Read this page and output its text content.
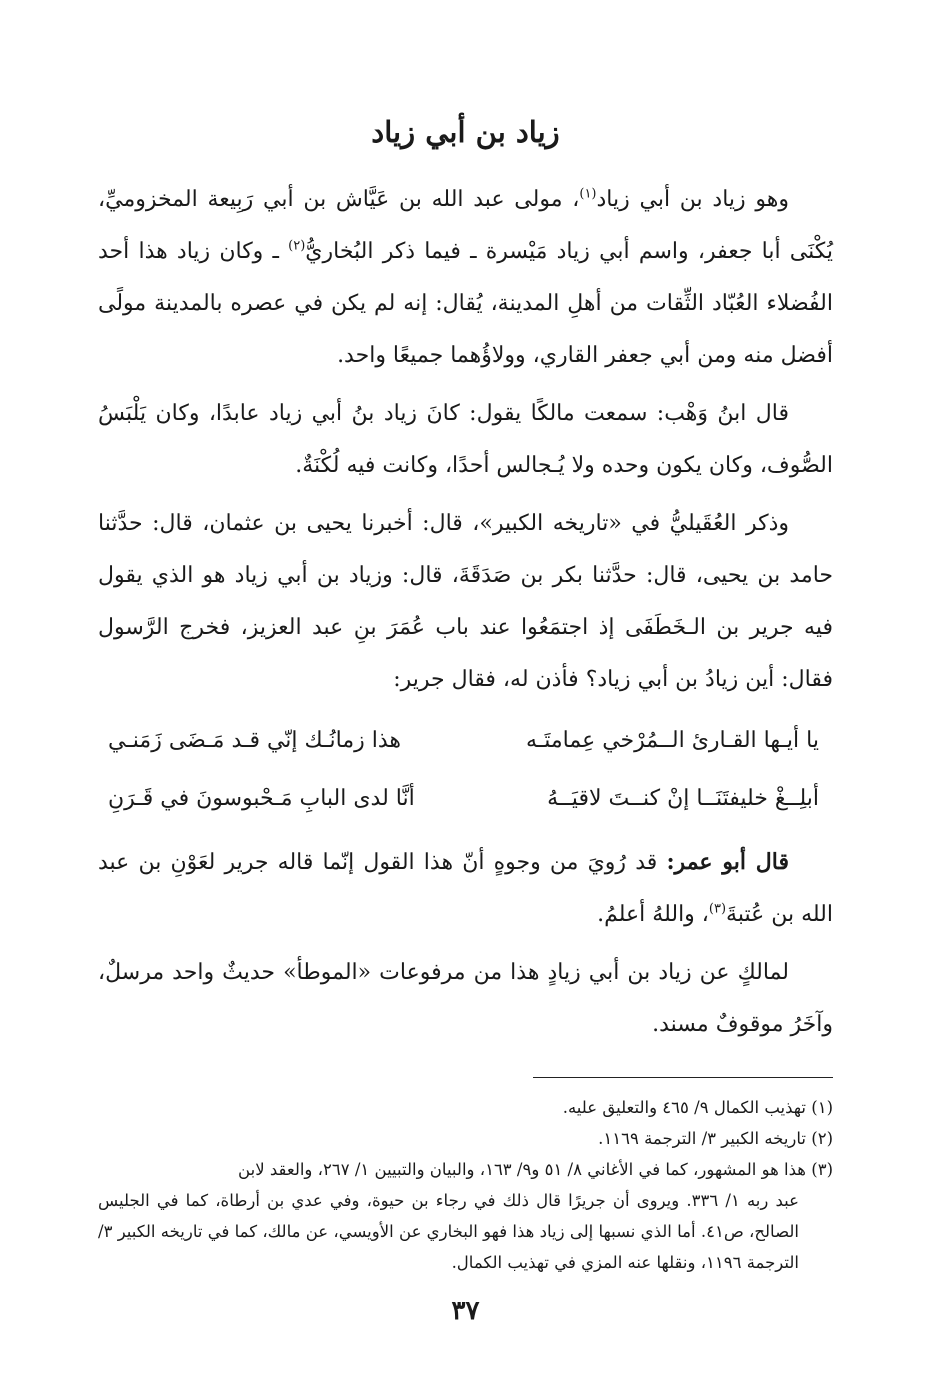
زياد بن أبي زياد

وهو زياد بن أبي زياد$^{(١)}$، مولى عبد الله بن عَيَّاش بن أبي رَبِيعة المخزوميِّ، يُكْنَى أبا جعفر، واسم أبي زياد مَيْسرة ـ فيما ذكر البُخاريُّ$^{(٢)}$ ـ وكان زياد هذا أحد الفُضلاء العُبّاد الثِّقات من أهلِ المدينة، يُقال: إنه لم يكن في عصره بالمدينة مولًى أفضل منه ومن أبي جعفر القاري، وولاؤُهما جميعًا واحد.

قال ابنُ وَهْب: سمعت مالكًا يقول: كانَ زياد بنُ أبي زياد عابدًا، وكان يَلْبَسُ الصُّوف، وكان يكون وحده ولا يُـجالس أحدًا، وكانت فيه لُكْنَةٌ.

وذكر العُقَيليُّ في «تاريخه الكبير»، قال: أخبرنا يحيى بن عثمان، قال: حدَّثنا حامد بن يحيى، قال: حدَّثنا بكر بن صَدَقَةَ، قال: وزياد بن أبي زياد هو الذي يقول فيه جرير بن الـخَطَفَى إذ اجتمَعُوا عند باب عُمَرَ بنِ عبد العزيز، فخرج الرَّسول فقال: أين زيادُ بن أبي زياد؟ فأذن له، فقال جرير:

يا أيـها القـارئ الــمُرْخي عِمامتَـه
هذا زمانُـك إنّي قـد مَـضَى زَمَنـي
أبلِــغْ خليفتَنَــا إنْ كنــتَ لاقيَــهُ
أنَّا لدى البابِ مَـحْبوسونَ في قَـرَنِ

قال أبو عمر: قد رُويَ من وجوهٍ أنّ هذا القول إنّما قاله جرير لعَوْنِ بن عبد الله بن عُتبةَ$^{(٣)}$، واللهُ أعلمُ.

لمالكٍ عن زياد بن أبي زيادٍ هذا من مرفوعات «الموطأ» حديثٌ واحد مرسلٌ، وآخَرُ موقوفٌ مسند.

(١) تهذيب الكمال ٩/ ٤٦٥ والتعليق عليه.

(٢) تاريخه الكبير ٣/ الترجمة ١١٦٩.

(٣) هذا هو المشهور، كما في الأغاني ٨/ ٥١ و٩/ ١٦٣، والبيان والتبيين ١/ ٢٦٧، والعقد لابن
عبد ربه ١/ ٣٣٦. ويروى أن جريرًا قال ذلك في رجاء بن حيوة، وفي عدي بن أرطاة، كما في الجليس الصالح، ص٤١. أما الذي نسبها إلى زياد هذا فهو البخاري عن الأويسي، عن مالك، كما في تاريخه الكبير ٣/ الترجمة ١١٩٦، ونقلها عنه المزي في تهذيب الكمال.

٣٧
